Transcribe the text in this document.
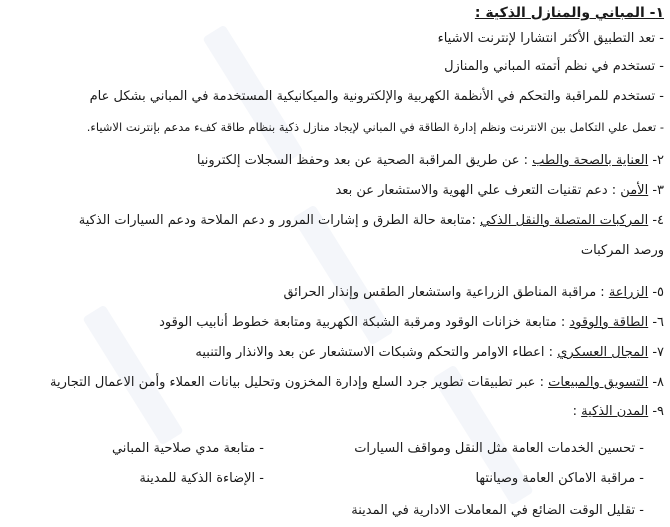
١- المباني والمنازل الذكية :
- تعد التطبيق الأكثر انتشارا لإنترنت الاشياء
- تستخدم في نظم أتمته المباني والمنازل
- تستخدم للمراقبة والتحكم في الأنظمة الكهربية والإلكترونية والميكانيكية المستخدمة في المباني بشكل عام
- تعمل علي التكامل بين الانترنت ونظم إدارة الطاقة في المباني لإيجاد منازل ذكية بنظام طاقة كفء مدعم بإنترنت الاشياء.
٢- العناية بالصحة والطب : عن طريق المراقبة الصحية عن بعد وحفظ السجلات إلكترونيا
٣- الأمن : دعم تقنيات التعرف علي الهوية والاستشعار عن بعد
٤- المركبات المتصلة والنقل الذكي :متابعة حالة الطرق و إشارات المرور و دعم الملاحة ودعم السيارات الذكية
ورصد المركبات
٥- الزراعة : مراقبة المناطق الزراعية واستشعار الطقس وإنذار الحرائق
٦- الطاقة والوقود : متابعة خزانات الوقود ومرقبة الشبكة الكهربية ومتابعة خطوط أنابيب الوقود
٧- المجال العسكري : اعطاء الاوامر والتحكم وشبكات الاستشعار عن بعد والانذار والتنبيه
٨- التسويق والمبيعات : عبر تطبيقات تطوير جرد السلع وإدارة المخزون وتحليل بيانات العملاء وأمن الاعمال التجارية
٩- المدن الذكية :
- تحسين الخدمات العامة مثل النقل ومواقف السيارات
- متابعة مدي صلاحية المباني
- مراقبة الاماكن العامة وصيانتها
- الإضاءة الذكية للمدينة
- تقليل الوقت الضائع في المعاملات الادارية في المدينة
